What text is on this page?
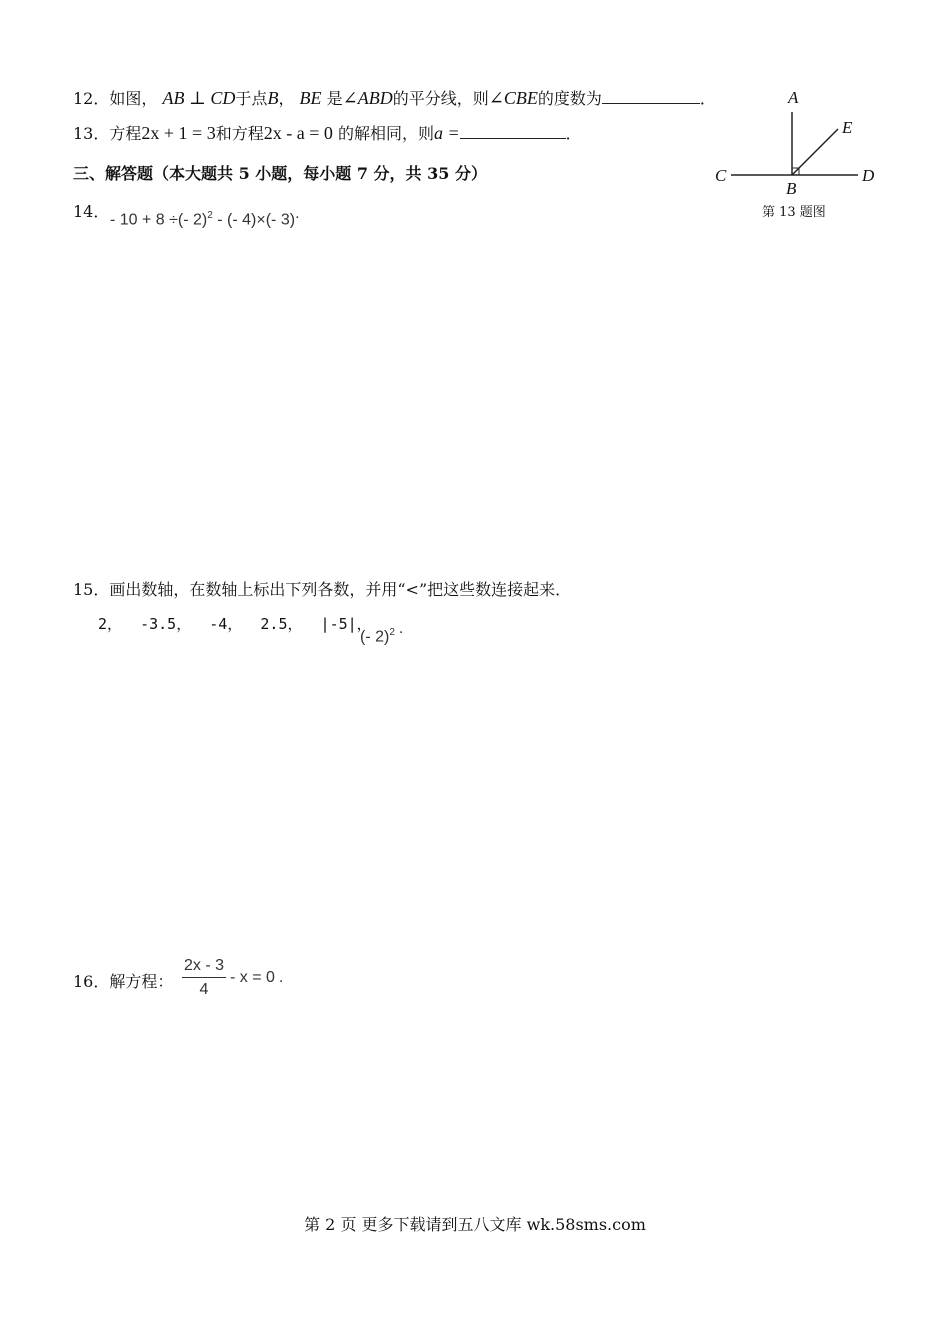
12．如图， AB ⊥ CD于点B， BE 是∠ABD的平分线，则∠CBE的度数为	．
13．方程2x + 1 = 3和方程2x - a = 0 的解相同，则a =	．
三、解答题（本大题共 5 小题，每小题 7 分，共 35 分）
14． - 10 + 8 ÷(- 2)$^2$ - (- 4)×(- 3).
A
E
C	D
B
第 13 题图
15．画出数轴，在数轴上标出下列各数，并用“<”把这些数连接起来．
2，  -3.5，  -4，  2.5，  |-5|，
(- 2)$^2$ .
16．解方程： $\frac{2x - 3}{4} - x = 0$ .
第 2 页 更多下载请到五八文库 wk.58sms.com
